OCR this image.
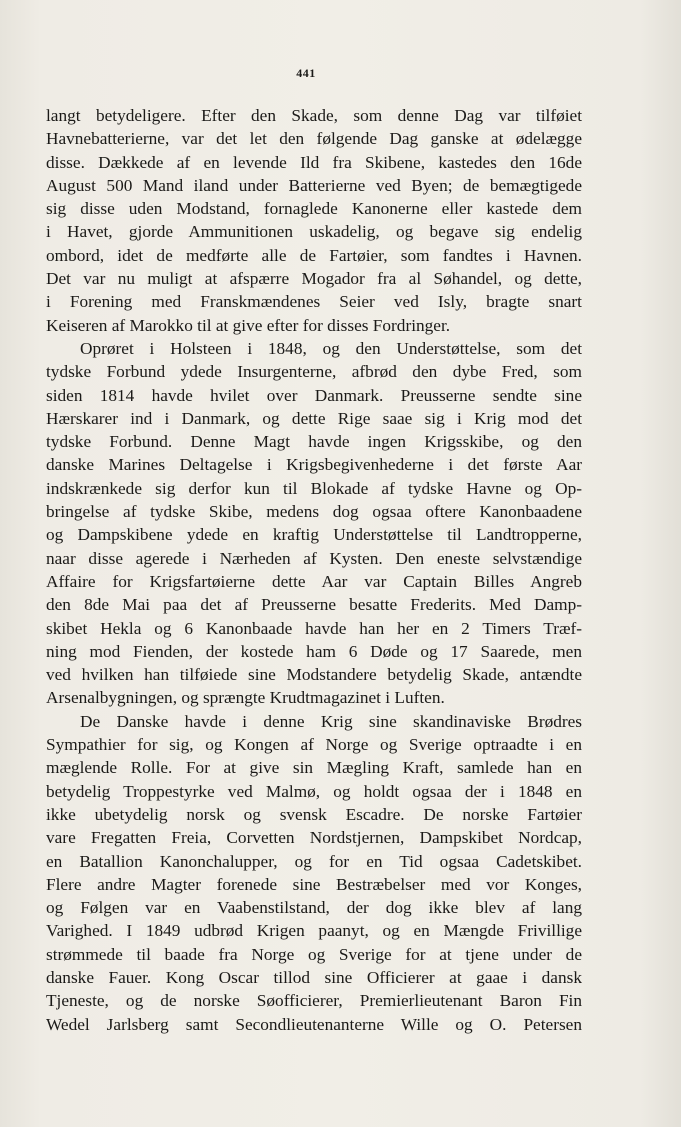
441
langt betydeligere. Efter den Skade, som denne Dag var tilføiet
Havnebatterierne, var det let den følgende Dag ganske at ødelægge
disse. Dækkede af en levende Ild fra Skibene, kastedes den 16de
August 500 Mand iland under Batterierne ved Byen; de bemægtigede
sig disse uden Modstand, fornaglede Kanonerne eller kastede dem
i Havet, gjorde Ammunitionen uskadelig, og begave sig endelig
ombord, idet de medførte alle de Fartøier, som fandtes i Havnen.
Det var nu muligt at afspærre Mogador fra al Søhandel, og dette,
i Forening med Franskmændenes Seier ved Isly, bragte snart
Keiseren af Marokko til at give efter for disses Fordringer.
Oprøret i Holsteen i 1848, og den Understøttelse, som det
tydske Forbund ydede Insurgenterne, afbrød den dybe Fred, som
siden 1814 havde hvilet over Danmark. Preusserne sendte sine
Hærskarer ind i Danmark, og dette Rige saae sig i Krig mod det
tydske Forbund. Denne Magt havde ingen Krigsskibe, og den
danske Marines Deltagelse i Krigsbegivenhederne i det første Aar
indskrænkede sig derfor kun til Blokade af tydske Havne og Op-
bringelse af tydske Skibe, medens dog ogsaa oftere Kanonbaadene
og Dampskibene ydede en kraftig Understøttelse til Landtropperne,
naar disse agerede i Nærheden af Kysten. Den eneste selvstændige
Affaire for Krigsfartøierne dette Aar var Captain Billes Angreb
den 8de Mai paa det af Preusserne besatte Frederits. Med Damp-
skibet Hekla og 6 Kanonbaade havde han her en 2 Timers Træf-
ning mod Fienden, der kostede ham 6 Døde og 17 Saarede, men
ved hvilken han tilføiede sine Modstandere betydelig Skade, antændte
Arsenalbygningen, og sprængte Krudtmagazinet i Luften.
De Danske havde i denne Krig sine skandinaviske Brødres
Sympathier for sig, og Kongen af Norge og Sverige optraadte i en
mæglende Rolle. For at give sin Mægling Kraft, samlede han en
betydelig Troppestyrke ved Malmø, og holdt ogsaa der i 1848 en
ikke ubetydelig norsk og svensk Escadre. De norske Fartøier
vare Fregatten Freia, Corvetten Nordstjernen, Dampskibet Nordcap,
en Batallion Kanonchalupper, og for en Tid ogsaa Cadetskibet.
Flere andre Magter forenede sine Bestræbelser med vor Konges,
og Følgen var en Vaabenstilstand, der dog ikke blev af lang
Varighed. I 1849 udbrød Krigen paanyt, og en Mængde Frivillige
strømmede til baade fra Norge og Sverige for at tjene under de
danske Fauer. Kong Oscar tillod sine Officierer at gaae i dansk
Tjeneste, og de norske Søofficierer, Premierlieutenant Baron Fin
Wedel Jarlsberg samt Secondlieutenanterne Wille og O. Petersen
